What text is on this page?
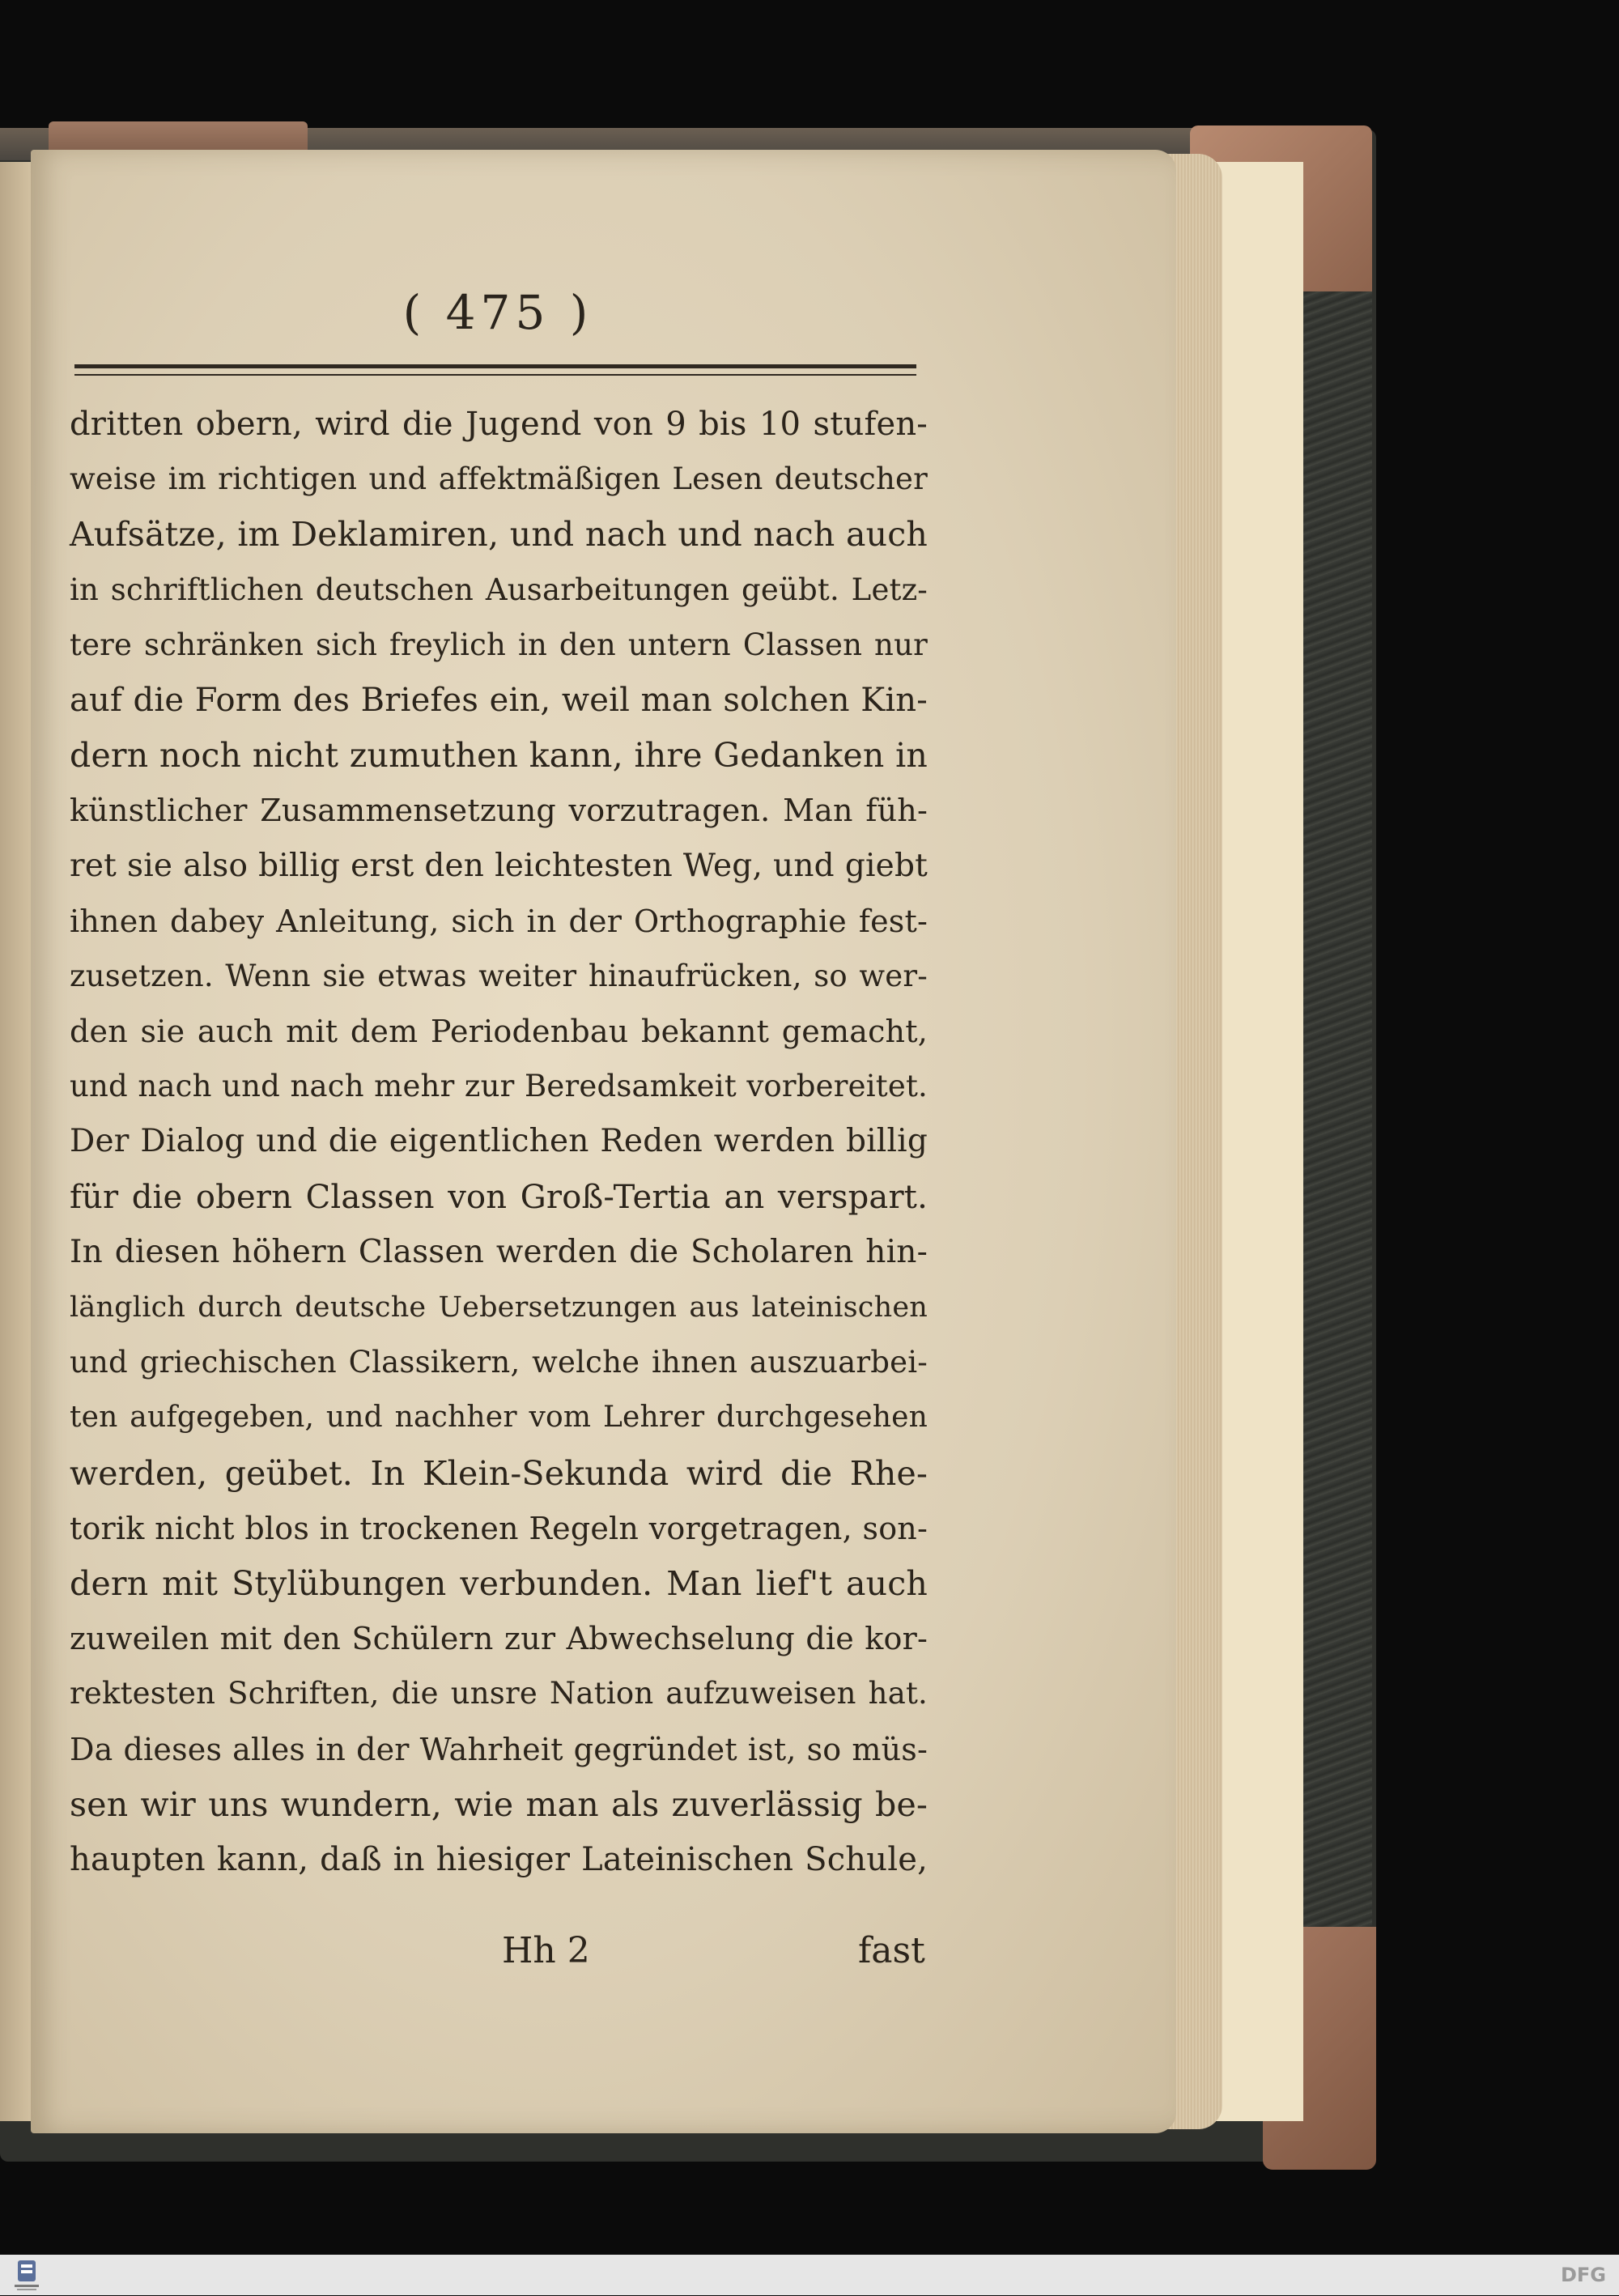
( 475 )
dritten obern, wird die Jugend von 9 bis 10 stufen-
weise im richtigen und affektmäßigen Lesen deutscher
Aufsätze, im Deklamiren, und nach und nach auch
in schriftlichen deutschen Ausarbeitungen geübt. Letz-
tere schränken sich freylich in den untern Classen nur
auf die Form des Briefes ein, weil man solchen Kin-
dern noch nicht zumuthen kann, ihre Gedanken in
künstlicher Zusammensetzung vorzutragen. Man füh-
ret sie also billig erst den leichtesten Weg, und giebt
ihnen dabey Anleitung, sich in der Orthographie fest-
zusetzen. Wenn sie etwas weiter hinaufrücken, so wer-
den sie auch mit dem Periodenbau bekannt gemacht,
und nach und nach mehr zur Beredsamkeit vorbereitet.
Der Dialog und die eigentlichen Reden werden billig
für die obern Classen von Groß-Tertia an verspart.
In diesen höhern Classen werden die Scholaren hin-
länglich durch deutsche Uebersetzungen aus lateinischen
und griechischen Classikern, welche ihnen auszuarbei-
ten aufgegeben, und nachher vom Lehrer durchgesehen
werden, geübet. In Klein-Sekunda wird die Rhe-
torik nicht blos in trockenen Regeln vorgetragen, son-
dern mit Stylübungen verbunden. Man lief't auch
zuweilen mit den Schülern zur Abwechselung die kor-
rektesten Schriften, die unsre Nation aufzuweisen hat.
Da dieses alles in der Wahrheit gegründet ist, so müs-
sen wir uns wundern, wie man als zuverlässig be-
haupten kann, daß in hiesiger Lateinischen Schule,
Hh 2	fast
DFG
